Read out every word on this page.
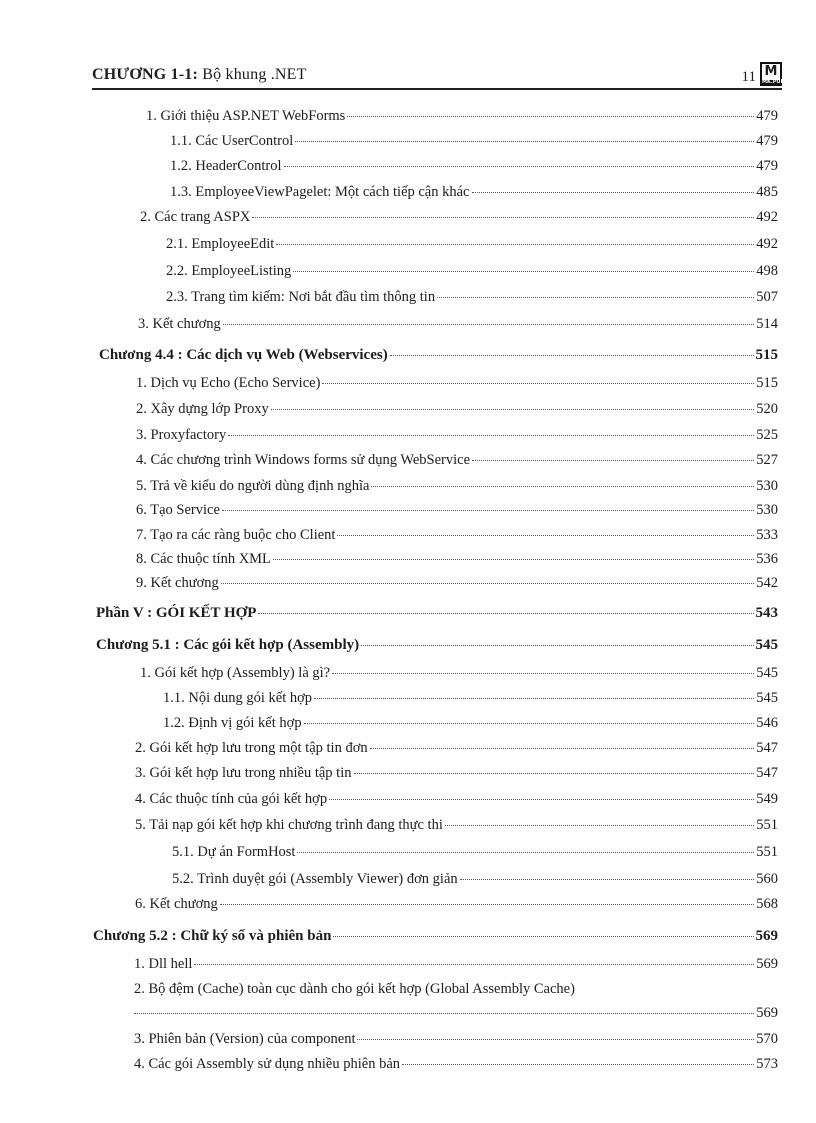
CHƯƠNG 1-1: Bộ khung .NET	11 M
MK.PUB
1. Giới thiệu ASP.NET WebForms	479
1.1. Các UserControl	479
1.2. HeaderControl	479
1.3. EmployeeViewPagelet: Một cách tiếp cận khác	485
2. Các trang ASPX	492
2.1. EmployeeEdit	492
2.2. EmployeeListing	498
2.3. Trang tìm kiếm: Nơi bắt đầu tìm thông tin	507
3. Kết chương	514
Chương 4.4 : Các dịch vụ Web (Webservices)	515
1. Dịch vụ Echo (Echo Service)	515
2. Xây dựng lớp Proxy	520
3. Proxyfactory	525
4. Các chương trình Windows forms sử dụng WebService	527
5. Trả về kiểu do người dùng định nghĩa	530
6. Tạo Service	530
7. Tạo ra các ràng buộc cho Client	533
8. Các thuộc tính XML	536
9. Kết chương	542
Phần V : GÓI KẾT HỢP	543
Chương 5.1 : Các gói kết hợp (Assembly)	545
1. Gói kết hợp (Assembly) là gì?	545
1.1. Nội dung gói kết hợp	545
1.2. Định vị gói kết hợp	546
2. Gói kết hợp lưu trong một tập tin đơn	547
3. Gói kết hợp lưu trong nhiều tập tin	547
4. Các thuộc tính của gói kết hợp	549
5. Tải nạp gói kết hợp khi chương trình đang thực thi	551
5.1. Dự án FormHost	551
5.2. Trình duyệt gói (Assembly Viewer) đơn giản	560
6. Kết chương	568
Chương 5.2 : Chữ ký số và phiên bản	569
1. Dll hell	569
2. Bộ đệm (Cache) toàn cục dành cho gói kết hợp (Global Assembly Cache)
569
3. Phiên bản (Version) của component	570
4. Các gói Assembly sử dụng nhiều phiên bản	573
